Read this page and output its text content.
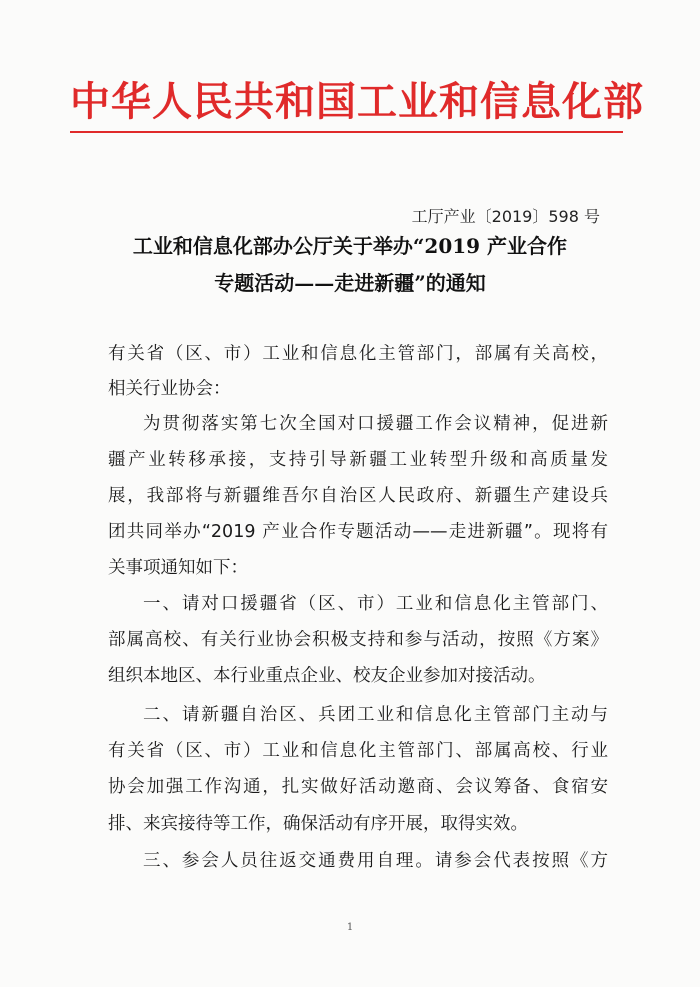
中华人民共和国工业和信息化部
工厅产业〔2019〕598 号
工业和信息化部办公厅关于举办“2019 产业合作
专题活动——走进新疆”的通知
有关省（区、市）工业和信息化主管部门，部属有关高校，
相关行业协会：
为贯彻落实第七次全国对口援疆工作会议精神，促进新
疆产业转移承接，支持引导新疆工业转型升级和高质量发
展，我部将与新疆维吾尔自治区人民政府、新疆生产建设兵
团共同举办“2019 产业合作专题活动——走进新疆”。现将有
关事项通知如下：
一、请对口援疆省（区、市）工业和信息化主管部门、
部属高校、有关行业协会积极支持和参与活动，按照《方案》
组织本地区、本行业重点企业、校友企业参加对接活动。
二、请新疆自治区、兵团工业和信息化主管部门主动与
有关省（区、市）工业和信息化主管部门、部属高校、行业
协会加强工作沟通，扎实做好活动邀商、会议筹备、食宿安
排、来宾接待等工作，确保活动有序开展，取得实效。
三、参会人员往返交通费用自理。请参会代表按照《方
1
